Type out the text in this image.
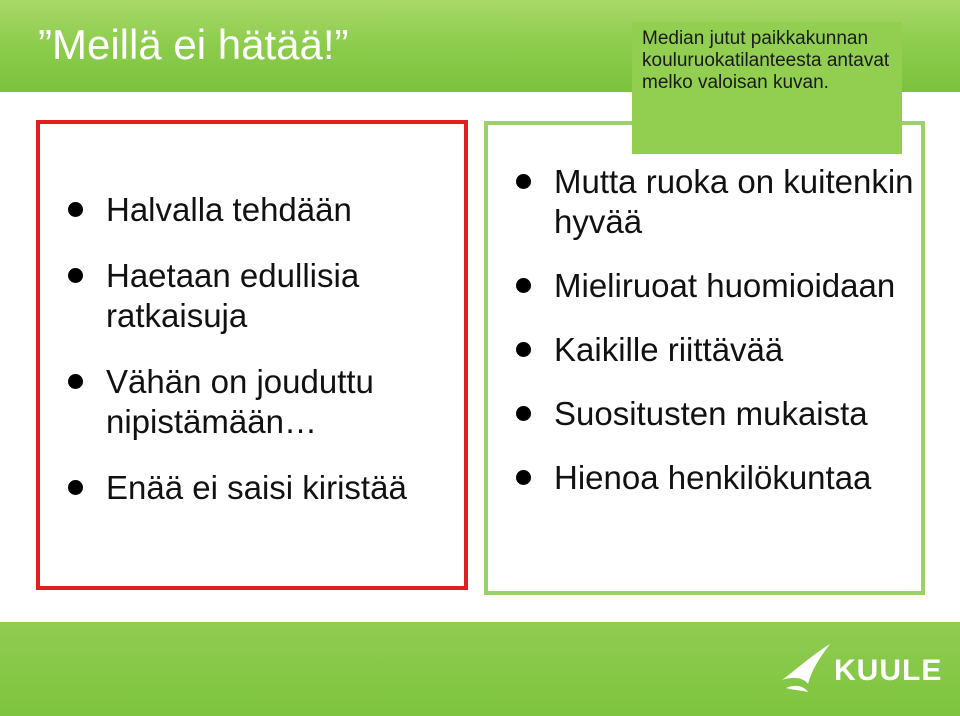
”Meillä ei hätää!”
Halvalla tehdään
Haetaan edullisia ratkaisuja
Vähän on jouduttu nipistämään…
Enää ei saisi kiristää
Mutta ruoka on kuitenkin hyvää
Mieliruoat huomioidaan
Kaikille riittävää
Suositusten mukaista
Hienoa henkilökuntaa
Median jutut paikkakunnan kouluruokatilanteesta antavat melko valoisan kuvan.
KUULE
